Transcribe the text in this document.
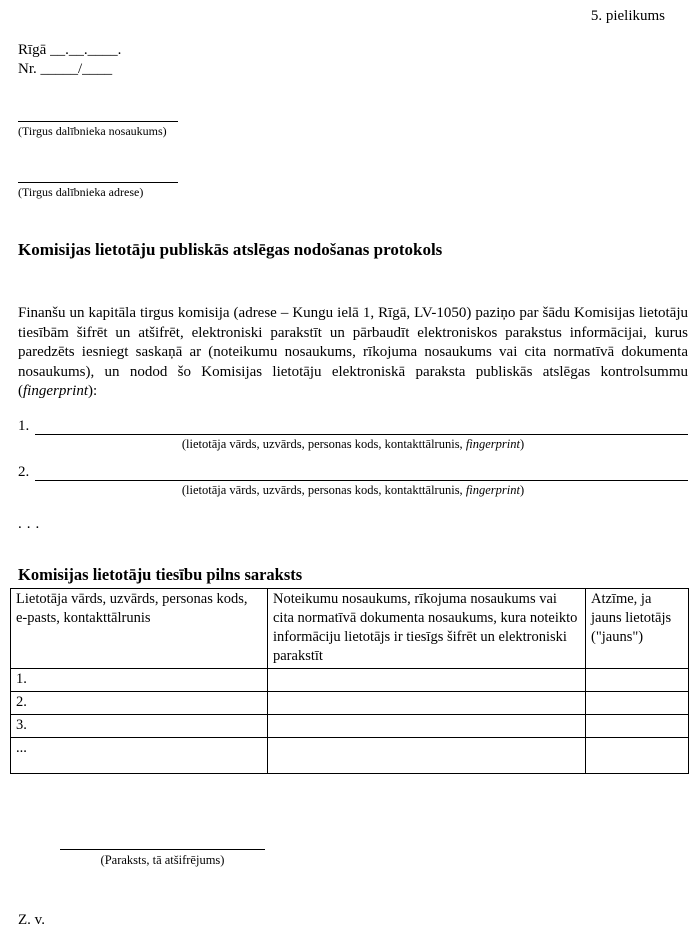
5. pielikums
Rīgā __.__.____.
Nr. _____/____
(Tirgus dalībnieka nosaukums)
(Tirgus dalībnieka adrese)
Komisijas lietotāju publiskās atslēgas nodošanas protokols
Finanšu un kapitāla tirgus komisija (adrese – Kungu ielā 1, Rīgā, LV-1050) paziņo par šādu Komisijas lietotāju tiesībām šifrēt un atšifrēt, elektroniski parakstīt un pārbaudīt elektroniskos parakstus informācijai, kurus paredzēts iesniegt saskaņā ar (noteikumu nosaukums, rīkojuma nosaukums vai cita normatīvā dokumenta nosaukums), un nodod šo Komisijas lietotāju elektroniskā paraksta publiskās atslēgas kontrolsummu (fingerprint):
1.
(lietotāja vārds, uzvārds, personas kods, kontakttālrunis, fingerprint)
2.
(lietotāja vārds, uzvārds, personas kods, kontakttālrunis, fingerprint)
...
Komisijas lietotāju tiesību pilns saraksts
Lietotāja vārds, uzvārds, personas kods, e-pasts, kontakttālrunis	Noteikumu nosaukums, rīkojuma nosaukums vai cita normatīvā dokumenta nosaukums, kura noteikto informāciju lietotājs ir tiesīgs šifrēt un elektroniski parakstīt	Atzīme, ja jauns lietotājs ("jauns")
1.		
2.		
3.		
...		
(Paraksts, tā atšifrējums)
Z. v.
